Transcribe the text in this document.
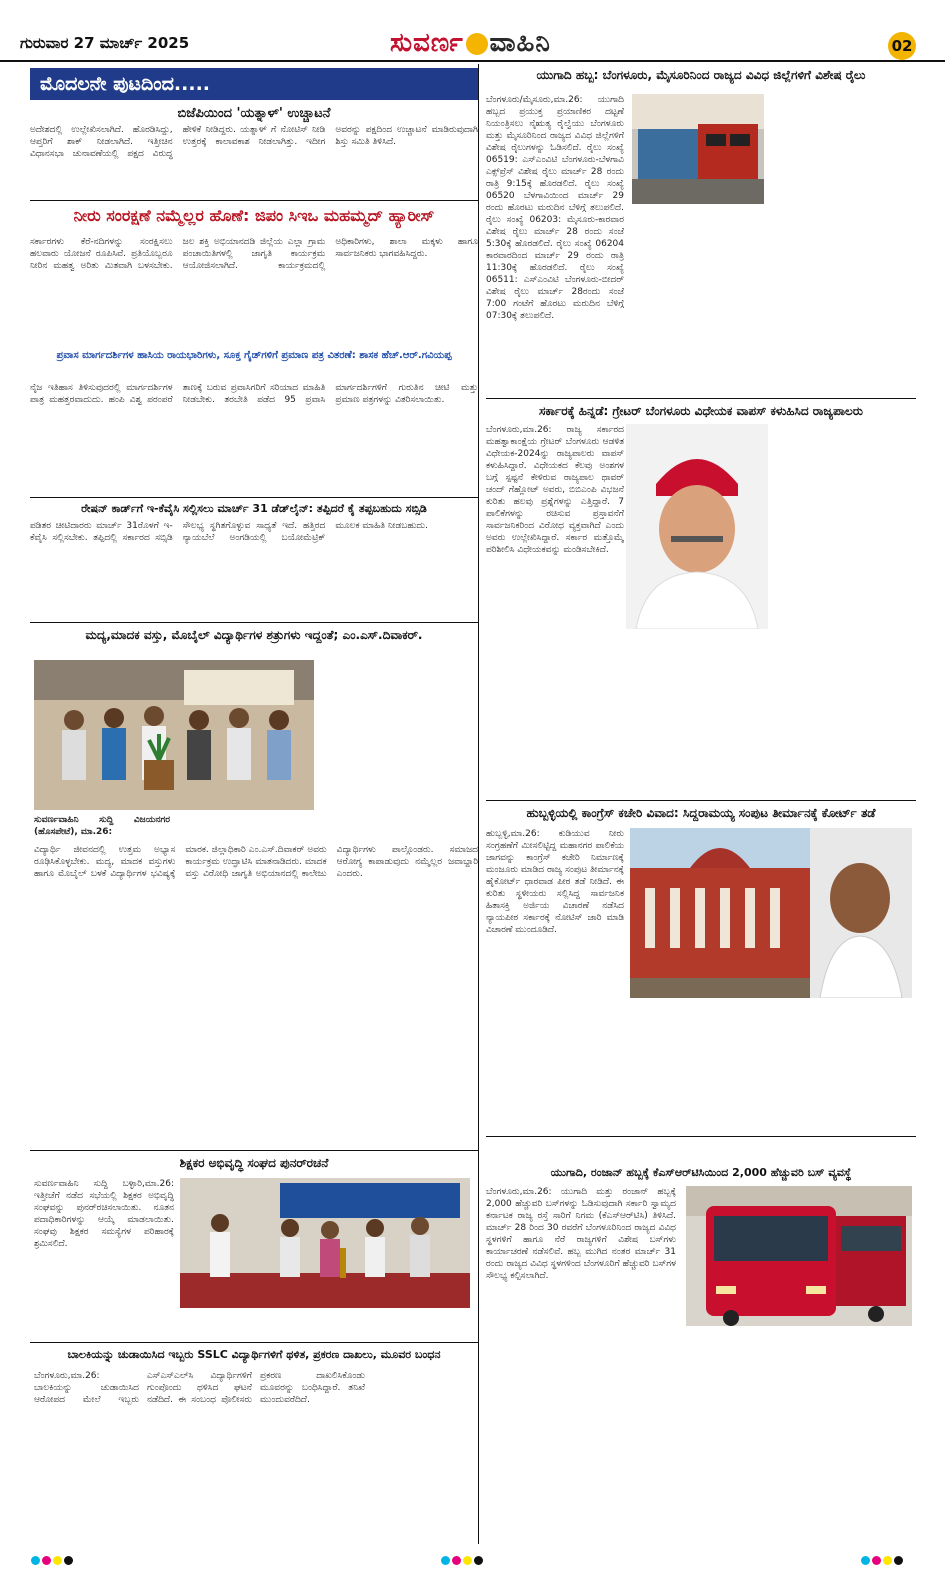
ಗುರುವಾರ 27 ಮಾರ್ಚ್ 2025	ಸುವರ್ಣ ವಾಹಿನಿ	02
ಮೊದಲನೇ ಪುಟದಿಂದ.....
ಬಿಜೆಪಿಯಿಂದ 'ಯತ್ನಾಳ್' ಉಚ್ಚಾಟನೆ
ಅದೇಶದಲ್ಲಿ ಉಲ್ಲೇಖಿಸಲಾಗಿದೆ. ಹೊರಡಿಸಿದ್ದು, ಆಪ್ತರಿಗೆ ಶಾಕ್ ನೀಡಲಾಗಿದೆ. ಇತ್ತೀಚಿನ ವಿಧಾನಸಭಾ ಚುನಾವಣೆಯಲ್ಲಿ ಪಕ್ಷದ ವಿರುದ್ಧ ಹೇಳಿಕೆ ನೀಡಿದ್ದರು. ಯತ್ನಾಳ್ ಗೆ ನೋಟಿಸ್ ನೀಡಿ ಉತ್ತರಕ್ಕೆ ಕಾಲಾವಕಾಶ ನೀಡಲಾಗಿತ್ತು. ಇದೀಗ ಅವರನ್ನು ಪಕ್ಷದಿಂದ ಉಚ್ಚಾಟನೆ ಮಾಡಿರುವುದಾಗಿ ಶಿಸ್ತು ಸಮಿತಿ ತಿಳಿಸಿದೆ.
ನೀರು ಸಂರಕ್ಷಣೆ ನಮ್ಮೆಲ್ಲರ ಹೊಣೆ: ಜಿಪಂ ಸಿಇಒ ಮಹಮ್ಮದ್ ಹ್ಯಾರೀಸ್
ಸರ್ಕಾರಗಳು ಕೆರೆ-ನದಿಗಳನ್ನು ಸಂರಕ್ಷಿಸಲು ಹಲವಾರು ಯೋಜನೆ ರೂಪಿಸಿವೆ. ಪ್ರತಿಯೊಬ್ಬರೂ ನೀರಿನ ಮಹತ್ವ ಅರಿತು ಮಿತವಾಗಿ ಬಳಸಬೇಕು. ಜಲ ಶಕ್ತಿ ಅಭಿಯಾನದಡಿ ಜಿಲ್ಲೆಯ ಎಲ್ಲಾ ಗ್ರಾಮ ಪಂಚಾಯಿತಿಗಳಲ್ಲಿ ಜಾಗೃತಿ ಕಾರ್ಯಕ್ರಮ ಆಯೋಜಿಸಲಾಗಿದೆ. ಕಾರ್ಯಕ್ರಮದಲ್ಲಿ ಅಧಿಕಾರಿಗಳು, ಶಾಲಾ ಮಕ್ಕಳು ಹಾಗೂ ಸಾರ್ವಜನಿಕರು ಭಾಗವಹಿಸಿದ್ದರು.
ಪ್ರವಾಸ ಮಾರ್ಗದರ್ಶಿಗಳ ಹಾಸಿಯ ರಾಯಭಾರಿಗಳು, ಸೂಕ್ತ ಗೈಡ್‌ಗಳಿಗೆ ಪ್ರಮಾಣ ಪತ್ರ ವಿತರಣೆ: ಶಾಸಕ ಹೆಚ್.ಆರ್.ಗವಿಯಪ್ಪ
ನೈಜ ಇತಿಹಾಸ ತಿಳಿಸುವುದರಲ್ಲಿ ಮಾರ್ಗದರ್ಶಿಗಳ ಪಾತ್ರ ಮಹತ್ತರವಾದುದು. ಹಂಪಿ ವಿಶ್ವ ಪರಂಪರೆ ತಾಣಕ್ಕೆ ಬರುವ ಪ್ರವಾಸಿಗರಿಗೆ ಸರಿಯಾದ ಮಾಹಿತಿ ನೀಡಬೇಕು. ತರಬೇತಿ ಪಡೆದ 95 ಪ್ರವಾಸಿ ಮಾರ್ಗದರ್ಶಿಗಳಿಗೆ ಗುರುತಿನ ಚೀಟಿ ಮತ್ತು ಪ್ರಮಾಣ ಪತ್ರಗಳನ್ನು ವಿತರಿಸಲಾಯಿತು.
ರೇಷನ್ ಕಾರ್ಡ್‌ಗೆ ಇ-ಕೆವೈಸಿ ಸಲ್ಲಿಸಲು ಮಾರ್ಚ್ 31 ಡೆಡ್‌ಲೈನ್: ತಪ್ಪಿದರೆ ಕೈ ತಪ್ಪಬಹುದು ಸಬ್ಸಿಡಿ
ಪಡಿತರ ಚೀಟಿದಾರರು ಮಾರ್ಚ್ 31ರೊಳಗೆ ಇ-ಕೆವೈಸಿ ಸಲ್ಲಿಸಬೇಕು. ತಪ್ಪಿದಲ್ಲಿ ಸರ್ಕಾರದ ಸಬ್ಸಿಡಿ ಸೌಲಭ್ಯ ಸ್ಥಗಿತಗೊಳ್ಳುವ ಸಾಧ್ಯತೆ ಇದೆ. ಹತ್ತಿರದ ನ್ಯಾಯಬೆಲೆ ಅಂಗಡಿಯಲ್ಲಿ ಬಯೋಮೆಟ್ರಿಕ್ ಮೂಲಕ ಮಾಹಿತಿ ನೀಡಬಹುದು.
ಮದ್ಯ,ಮಾದಕ ವಸ್ತು, ಮೊಬೈಲ್ ವಿದ್ಯಾರ್ಥಿಗಳ ಶತ್ರುಗಳು ಇದ್ದಂತೆ; ಎಂ.ಎಸ್.ದಿವಾಕರ್.
ಸುವರ್ಣವಾಹಿನಿ ಸುದ್ದಿ ವಿಜಯನಗರ (ಹೊಸಪೇಟೆ), ಮಾ.26:
ವಿದ್ಯಾರ್ಥಿ ಜೀವನದಲ್ಲಿ ಉತ್ತಮ ಅಭ್ಯಾಸ ರೂಢಿಸಿಕೊಳ್ಳಬೇಕು. ಮದ್ಯ, ಮಾದಕ ವಸ್ತುಗಳು ಹಾಗೂ ಮೊಬೈಲ್ ಬಳಕೆ ವಿದ್ಯಾರ್ಥಿಗಳ ಭವಿಷ್ಯಕ್ಕೆ ಮಾರಕ. ಜಿಲ್ಲಾಧಿಕಾರಿ ಎಂ.ಎಸ್.ದಿವಾಕರ್ ಅವರು ಕಾರ್ಯಕ್ರಮ ಉದ್ಘಾಟಿಸಿ ಮಾತನಾಡಿದರು. ಮಾದಕ ವಸ್ತು ವಿರೋಧಿ ಜಾಗೃತಿ ಅಭಿಯಾನದಲ್ಲಿ ಕಾಲೇಜು ವಿದ್ಯಾರ್ಥಿಗಳು ಪಾಲ್ಗೊಂಡರು. ಸಮಾಜದ ಆರೋಗ್ಯ ಕಾಪಾಡುವುದು ನಮ್ಮೆಲ್ಲರ ಜವಾಬ್ದಾರಿ ಎಂದರು.
ಶಿಕ್ಷಕರ ಅಭಿವೃದ್ಧಿ ಸಂಘದ ಪುನರ್‌ರಚನೆ
ಸುವರ್ಣವಾಹಿನಿ ಸುದ್ದಿ ಬಳ್ಳಾರಿ,ಮಾ.26: ಇತ್ತೀಚೆಗೆ ನಡೆದ ಸಭೆಯಲ್ಲಿ ಶಿಕ್ಷಕರ ಅಭಿವೃದ್ಧಿ ಸಂಘವನ್ನು ಪುನರ್‌ರಚಿಸಲಾಯಿತು. ನೂತನ ಪದಾಧಿಕಾರಿಗಳನ್ನು ಆಯ್ಕೆ ಮಾಡಲಾಯಿತು. ಸಂಘವು ಶಿಕ್ಷಕರ ಸಮಸ್ಯೆಗಳ ಪರಿಹಾರಕ್ಕೆ ಶ್ರಮಿಸಲಿದೆ.
ಬಾಲಕಿಯನ್ನು ಚುಡಾಯಿಸಿದ ಇಬ್ಬರು SSLC ವಿದ್ಯಾರ್ಥಿಗಳಿಗೆ ಥಳಿತ, ಪ್ರಕರಣ ದಾಖಲು, ಮೂವರ ಬಂಧನ
ಬೆಂಗಳೂರು,ಮಾ.26: ಬಾಲಕಿಯನ್ನು ಚುಡಾಯಿಸಿದ ಆರೋಪದ ಮೇಲೆ ಇಬ್ಬರು ಎಸ್‌ಎಸ್‌ಎಲ್‌ಸಿ ವಿದ್ಯಾರ್ಥಿಗಳಿಗೆ ಗುಂಪೊಂದು ಥಳಿಸಿದ ಘಟನೆ ನಡೆದಿದೆ. ಈ ಸಂಬಂಧ ಪೊಲೀಸರು ಪ್ರಕರಣ ದಾಖಲಿಸಿಕೊಂಡು ಮೂವರನ್ನು ಬಂಧಿಸಿದ್ದಾರೆ. ತನಿಖೆ ಮುಂದುವರೆದಿದೆ.
ಯುಗಾದಿ ಹಬ್ಬ: ಬೆಂಗಳೂರು, ಮೈಸೂರಿನಿಂದ ರಾಜ್ಯದ ವಿವಿಧ ಜಿಲ್ಲೆಗಳಿಗೆ ವಿಶೇಷ ರೈಲು
ಬೆಂಗಳೂರು/ಮೈಸೂರು,ಮಾ.26: ಯುಗಾದಿ ಹಬ್ಬದ ಪ್ರಯುಕ್ತ ಪ್ರಯಾಣಿಕರ ದಟ್ಟಣೆ ನಿಯಂತ್ರಿಸಲು ನೈಋತ್ಯ ರೈಲ್ವೆಯು ಬೆಂಗಳೂರು ಮತ್ತು ಮೈಸೂರಿನಿಂದ ರಾಜ್ಯದ ವಿವಿಧ ಜಿಲ್ಲೆಗಳಿಗೆ ವಿಶೇಷ ರೈಲುಗಳನ್ನು ಓಡಿಸಲಿದೆ. ರೈಲು ಸಂಖ್ಯೆ 06519: ಎಸ್‌ಎಂವಿಟಿ ಬೆಂಗಳೂರು-ಬೆಳಗಾವಿ ಎಕ್ಸ್‌ಪ್ರೆಸ್ ವಿಶೇಷ ರೈಲು ಮಾರ್ಚ್ 28 ರಂದು ರಾತ್ರಿ 9:15ಕ್ಕೆ ಹೊರಡಲಿದೆ. ರೈಲು ಸಂಖ್ಯೆ 06520 ಬೆಳಗಾವಿಯಿಂದ ಮಾರ್ಚ್ 29 ರಂದು ಹೊರಟು ಮರುದಿನ ಬೆಳಿಗ್ಗೆ ತಲುಪಲಿದೆ. ರೈಲು ಸಂಖ್ಯೆ 06203: ಮೈಸೂರು-ಕಾರವಾರ ವಿಶೇಷ ರೈಲು ಮಾರ್ಚ್ 28 ರಂದು ಸಂಜೆ 5:30ಕ್ಕೆ ಹೊರಡಲಿದೆ. ರೈಲು ಸಂಖ್ಯೆ 06204 ಕಾರವಾರದಿಂದ ಮಾರ್ಚ್ 29 ರಂದು ರಾತ್ರಿ 11:30ಕ್ಕೆ ಹೊರಡಲಿದೆ. ರೈಲು ಸಂಖ್ಯೆ 06511: ಎಸ್‌ಎಂವಿಟಿ ಬೆಂಗಳೂರು-ಬೀದರ್ ವಿಶೇಷ ರೈಲು ಮಾರ್ಚ್ 28ರಂದು ಸಂಜೆ 7:00 ಗಂಟೆಗೆ ಹೊರಟು ಮರುದಿನ ಬೆಳಿಗ್ಗೆ 07:30ಕ್ಕೆ ತಲುಪಲಿದೆ.
ಸರ್ಕಾರಕ್ಕೆ ಹಿನ್ನಡೆ: ಗ್ರೇಟರ್ ಬೆಂಗಳೂರು ವಿಧೇಯಕ ವಾಪಸ್ ಕಳುಹಿಸಿದ ರಾಜ್ಯಪಾಲರು
ಬೆಂಗಳೂರು,ಮಾ.26: ರಾಜ್ಯ ಸರ್ಕಾರದ ಮಹತ್ವಾಕಾಂಕ್ಷೆಯ ಗ್ರೇಟರ್ ಬೆಂಗಳೂರು ಆಡಳಿತ ವಿಧೇಯಕ-2024ನ್ನು ರಾಜ್ಯಪಾಲರು ವಾಪಸ್ ಕಳುಹಿಸಿದ್ದಾರೆ. ವಿಧೇಯಕದ ಕೆಲವು ಅಂಶಗಳ ಬಗ್ಗೆ ಸ್ಪಷ್ಟನೆ ಕೇಳಿರುವ ರಾಜ್ಯಪಾಲ ಥಾವರ್ ಚಂದ್ ಗೆಹ್ಲೋಟ್ ಅವರು, ಬಿಬಿಎಂಪಿ ವಿಭಜನೆ ಕುರಿತು ಹಲವು ಪ್ರಶ್ನೆಗಳನ್ನು ಎತ್ತಿದ್ದಾರೆ. 7 ಪಾಲಿಕೆಗಳನ್ನು ರಚಿಸುವ ಪ್ರಸ್ತಾವನೆಗೆ ಸಾರ್ವಜನಿಕರಿಂದ ವಿರೋಧ ವ್ಯಕ್ತವಾಗಿದೆ ಎಂದು ಅವರು ಉಲ್ಲೇಖಿಸಿದ್ದಾರೆ. ಸರ್ಕಾರ ಮತ್ತೊಮ್ಮೆ ಪರಿಶೀಲಿಸಿ ವಿಧೇಯಕವನ್ನು ಮಂಡಿಸಬೇಕಿದೆ.
ಹುಬ್ಬಳ್ಳಿಯಲ್ಲಿ ಕಾಂಗ್ರೆಸ್ ಕಚೇರಿ ವಿವಾದ: ಸಿದ್ದರಾಮಯ್ಯ ಸಂಪುಟ ತೀರ್ಮಾನಕ್ಕೆ ಕೋರ್ಟ್ ತಡೆ
ಹುಬ್ಬಳ್ಳಿ,ಮಾ.26: ಕುಡಿಯುವ ನೀರು ಸಂಗ್ರಹಣೆಗೆ ಮೀಸಲಿಟ್ಟಿದ್ದ ಮಹಾನಗರ ಪಾಲಿಕೆಯ ಜಾಗವನ್ನು ಕಾಂಗ್ರೆಸ್ ಕಚೇರಿ ನಿರ್ಮಾಣಕ್ಕೆ ಮಂಜೂರು ಮಾಡಿದ ರಾಜ್ಯ ಸಂಪುಟ ತೀರ್ಮಾನಕ್ಕೆ ಹೈಕೋರ್ಟ್ ಧಾರವಾಡ ಪೀಠ ತಡೆ ನೀಡಿದೆ. ಈ ಕುರಿತು ಸ್ಥಳೀಯರು ಸಲ್ಲಿಸಿದ್ದ ಸಾರ್ವಜನಿಕ ಹಿತಾಸಕ್ತಿ ಅರ್ಜಿಯ ವಿಚಾರಣೆ ನಡೆಸಿದ ನ್ಯಾಯಪೀಠ ಸರ್ಕಾರಕ್ಕೆ ನೋಟಿಸ್ ಜಾರಿ ಮಾಡಿ ವಿಚಾರಣೆ ಮುಂದೂಡಿದೆ.
ಯುಗಾದಿ, ರಂಜಾನ್ ಹಬ್ಬಕ್ಕೆ ಕೆಎಸ್‌ಆರ್‌ಟಿಸಿಯಿಂದ 2,000 ಹೆಚ್ಚುವರಿ ಬಸ್ ವ್ಯವಸ್ಥೆ
ಬೆಂಗಳೂರು,ಮಾ.26: ಯುಗಾದಿ ಮತ್ತು ರಂಜಾನ್ ಹಬ್ಬಕ್ಕೆ 2,000 ಹೆಚ್ಚುವರಿ ಬಸ್‌ಗಳನ್ನು ಓಡಿಸುವುದಾಗಿ ಸರ್ಕಾರಿ ಸ್ವಾಮ್ಯದ ಕರ್ನಾಟಕ ರಾಜ್ಯ ರಸ್ತೆ ಸಾರಿಗೆ ನಿಗಮ (ಕೆಎಸ್‌ಆರ್‌ಟಿಸಿ) ತಿಳಿಸಿದೆ. ಮಾರ್ಚ್ 28 ರಿಂದ 30 ರವರೆಗೆ ಬೆಂಗಳೂರಿನಿಂದ ರಾಜ್ಯದ ವಿವಿಧ ಸ್ಥಳಗಳಿಗೆ ಹಾಗೂ ನೆರೆ ರಾಜ್ಯಗಳಿಗೆ ವಿಶೇಷ ಬಸ್‌ಗಳು ಕಾರ್ಯಾಚರಣೆ ನಡೆಸಲಿವೆ. ಹಬ್ಬ ಮುಗಿದ ನಂತರ ಮಾರ್ಚ್ 31 ರಂದು ರಾಜ್ಯದ ವಿವಿಧ ಸ್ಥಳಗಳಿಂದ ಬೆಂಗಳೂರಿಗೆ ಹೆಚ್ಚುವರಿ ಬಸ್‌ಗಳ ಸೌಲಭ್ಯ ಕಲ್ಪಿಸಲಾಗಿದೆ.
